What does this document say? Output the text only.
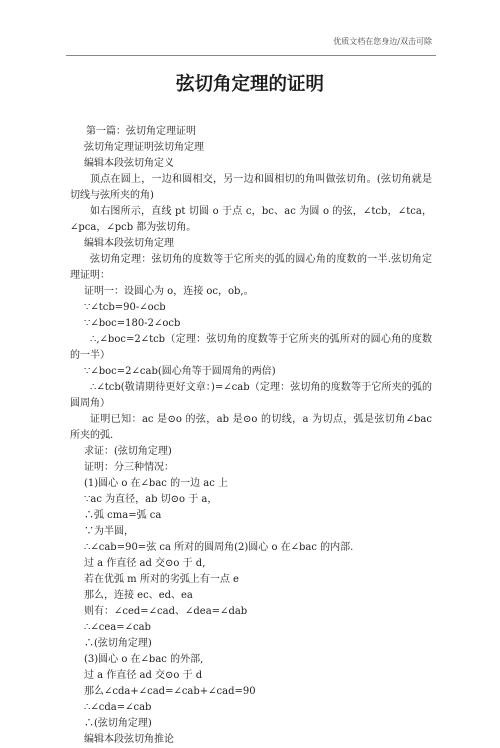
优质文档在您身边/双击可除
弦切角定理的证明
第一篇：弦切角定理证明
弦切角定理证明弦切角定理
编辑本段弦切角定义
顶点在圆上，一边和圆相交，另一边和圆相切的角叫做弦切角。(弦切角就是切线与弦所夹的角)
如右图所示，直线 pt 切圆 o 于点 c，bc、ac 为圆 o 的弦，∠tcb，∠tca，∠pca，∠pcb 都为弦切角。
编辑本段弦切角定理
弦切角定理：弦切角的度数等于它所夹的弧的圆心角的度数的一半.弦切角定理证明：
证明一：设圆心为 o，连接 oc，ob,。
∵∠tcb=90-∠ocb
∵∠boc=180-2∠ocb
∴,∠boc=2∠tcb（定理：弦切角的度数等于它所夹的弧所对的圆心角的度数的一半）
∵∠boc=2∠cab(圆心角等于圆周角的两倍)
∴∠tcb(敬请期待更好文章：)=∠cab（定理：弦切角的度数等于它所夹的弧的圆周角）
证明已知：ac 是⊙o 的弦，ab 是⊙o 的切线，a 为切点，弧是弦切角∠bac 所夹的弧.
求证：(弦切角定理)
证明：分三种情况：
(1)圆心 o 在∠bac 的一边 ac 上
∵ac 为直径，ab 切⊙o 于 a，
∴弧 cma=弧 ca
∵为半圆，
∴∠cab=90=弦 ca 所对的圆周角(2)圆心 o 在∠bac 的内部.
过 a 作直径 ad 交⊙o 于 d,
若在优弧 m 所对的劣弧上有一点 e
那么，连接 ec、ed、ea
则有：∠ced=∠cad、∠dea=∠dab
∴∠cea=∠cab
∴(弦切角定理)
(3)圆心 o 在∠bac 的外部,
过 a 作直径 ad 交⊙o 于 d
那么∠cda+∠cad=∠cab+∠cad=90
∴∠cda=∠cab
∴(弦切角定理)
编辑本段弦切角推论
